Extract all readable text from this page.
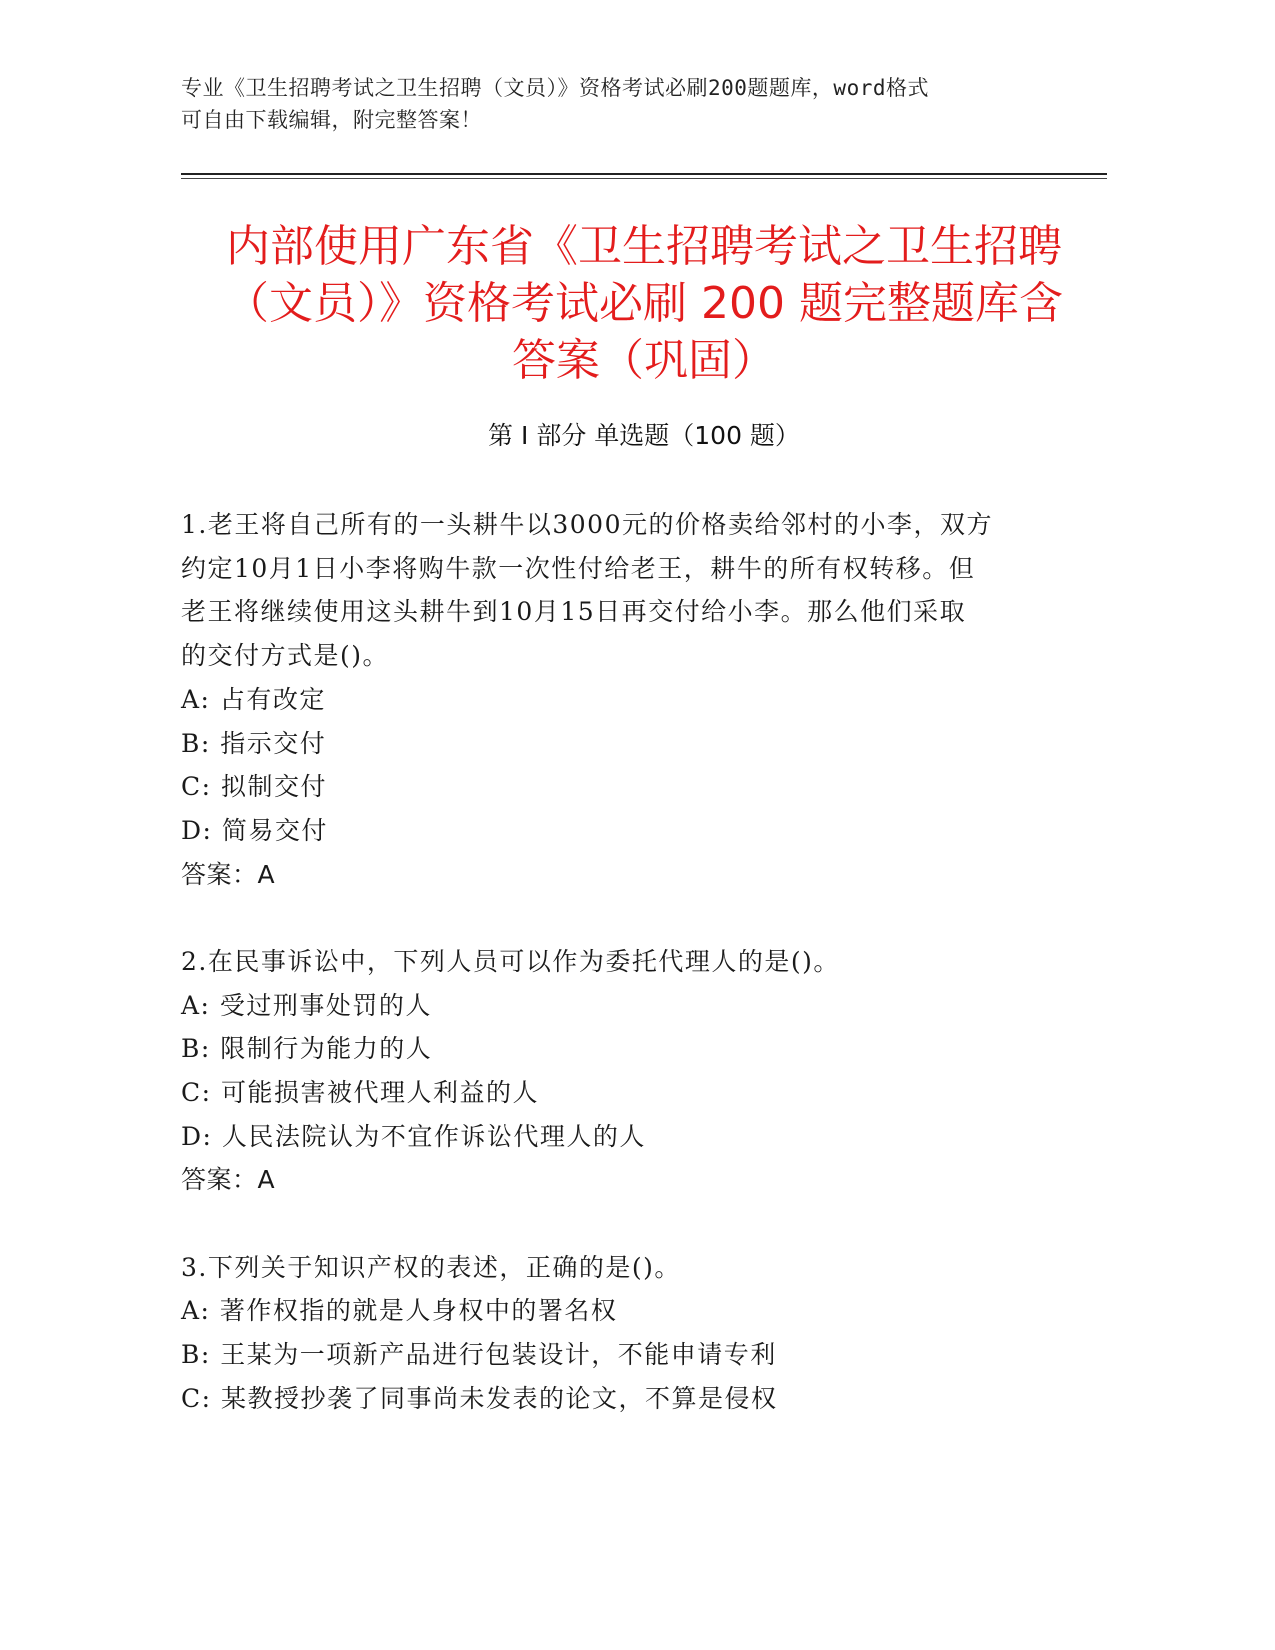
专业《卫生招聘考试之卫生招聘（文员）》资格考试必刷200题题库，word格式
可自由下载编辑，附完整答案！
内部使用广东省《卫生招聘考试之卫生招聘
（文员）》资格考试必刷 200 题完整题库含
答案（巩固）
第 I 部分 单选题（100 题）
1.老王将自己所有的一头耕牛以3000元的价格卖给邻村的小李，双方
约定10月1日小李将购牛款一次性付给老王，耕牛的所有权转移。但
老王将继续使用这头耕牛到10月15日再交付给小李。那么他们采取
的交付方式是()。
A: 占有改定
B: 指示交付
C: 拟制交付
D: 简易交付
答案：A
2.在民事诉讼中，下列人员可以作为委托代理人的是()。
A: 受过刑事处罚的人
B: 限制行为能力的人
C: 可能损害被代理人利益的人
D: 人民法院认为不宜作诉讼代理人的人
答案：A
3.下列关于知识产权的表述，正确的是()。
A: 著作权指的就是人身权中的署名权
B: 王某为一项新产品进行包装设计，不能申请专利
C: 某教授抄袭了同事尚未发表的论文，不算是侵权
